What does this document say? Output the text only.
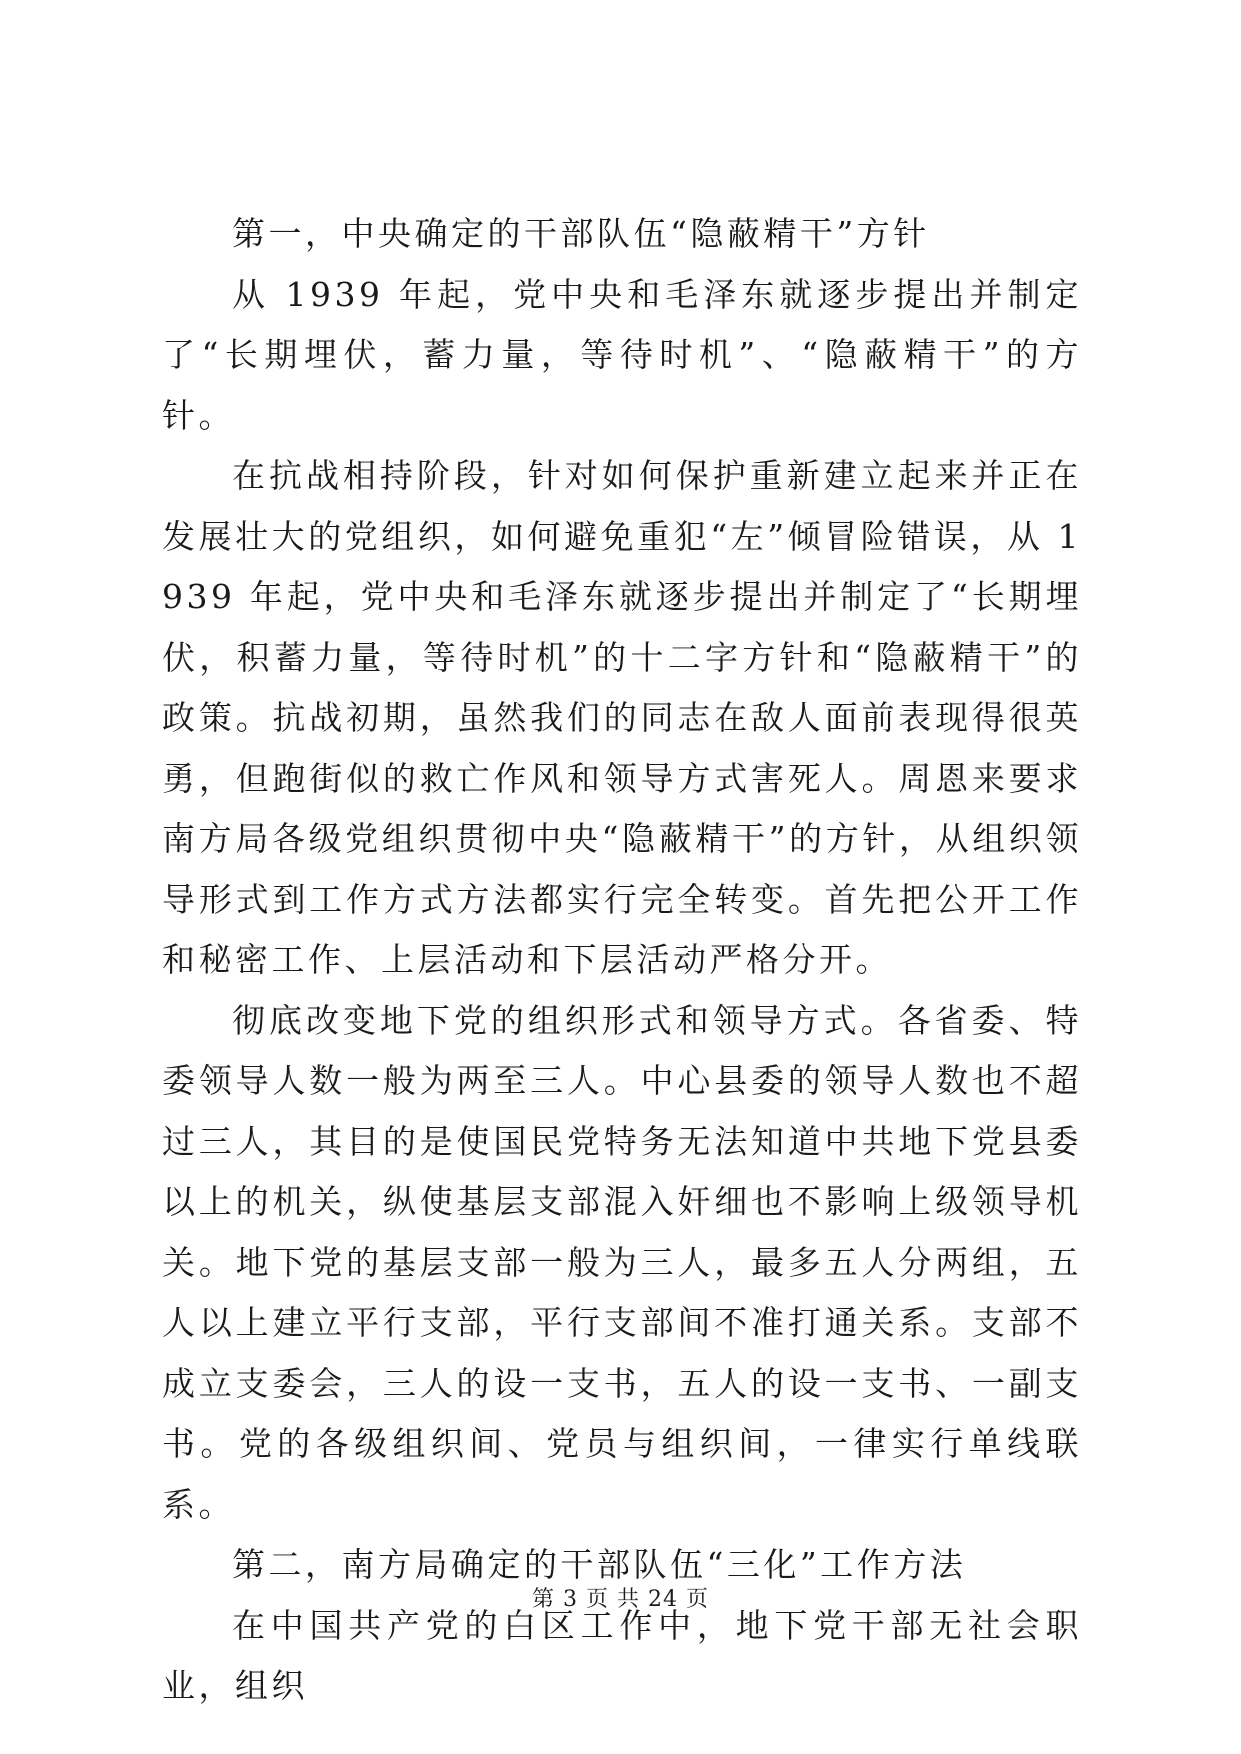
第一，中央确定的干部队伍“隐蔽精干”方针

从 1939 年起，党中央和毛泽东就逐步提出并制定了“长期埋伏，蓄力量，等待时机”、“隐蔽精干”的方针。

在抗战相持阶段，针对如何保护重新建立起来并正在发展壮大的党组织，如何避免重犯“左”倾冒险错误，从 1939 年起，党中央和毛泽东就逐步提出并制定了“长期埋伏，积蓄力量，等待时机”的十二字方针和“隐蔽精干”的政策。抗战初期，虽然我们的同志在敌人面前表现得很英勇，但跑街似的救亡作风和领导方式害死人。周恩来要求南方局各级党组织贯彻中央“隐蔽精干”的方针，从组织领导形式到工作方式方法都实行完全转变。首先把公开工作和秘密工作、上层活动和下层活动严格分开。

彻底改变地下党的组织形式和领导方式。各省委、特委领导人数一般为两至三人。中心县委的领导人数也不超过三人，其目的是使国民党特务无法知道中共地下党县委以上的机关，纵使基层支部混入奸细也不影响上级领导机关。地下党的基层支部一般为三人，最多五人分两组，五人以上建立平行支部，平行支部间不准打通关系。支部不成立支委会，三人的设一支书，五人的设一支书、一副支书。党的各级组织间、党员与组织间，一律实行单线联系。

第二，南方局确定的干部队伍“三化”工作方法

在中国共产党的白区工作中，地下党干部无社会职业，组织

第 3 页 共 24 页
